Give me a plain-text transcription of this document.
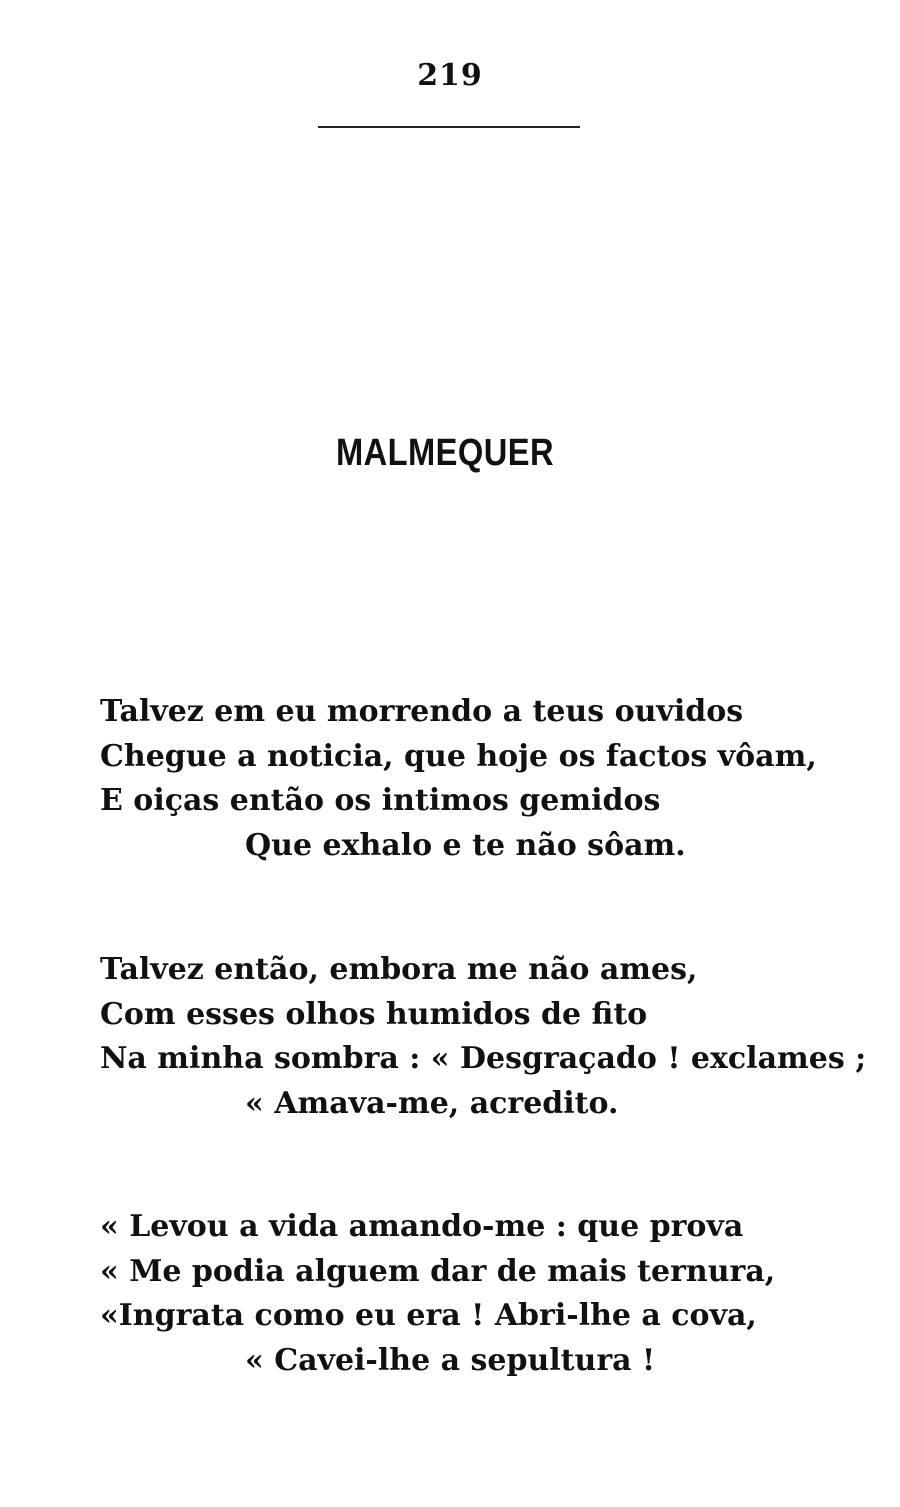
219
MALMEQUER
Talvez em eu morrendo a teus ouvidos
Chegue a noticia, que hoje os factos vôam,
E oiças então os intimos gemidos
Que exhalo e te não sôam.
Talvez então, embora me não ames,
Com esses olhos humidos de fito
Na minha sombra : « Desgraçado ! exclames ;
« Amava-me, acredito.
« Levou a vida amando-me : que prova
« Me podia alguem dar de mais ternura,
«Ingrata como eu era ! Abri-lhe a cova,
« Cavei-lhe a sepultura !
